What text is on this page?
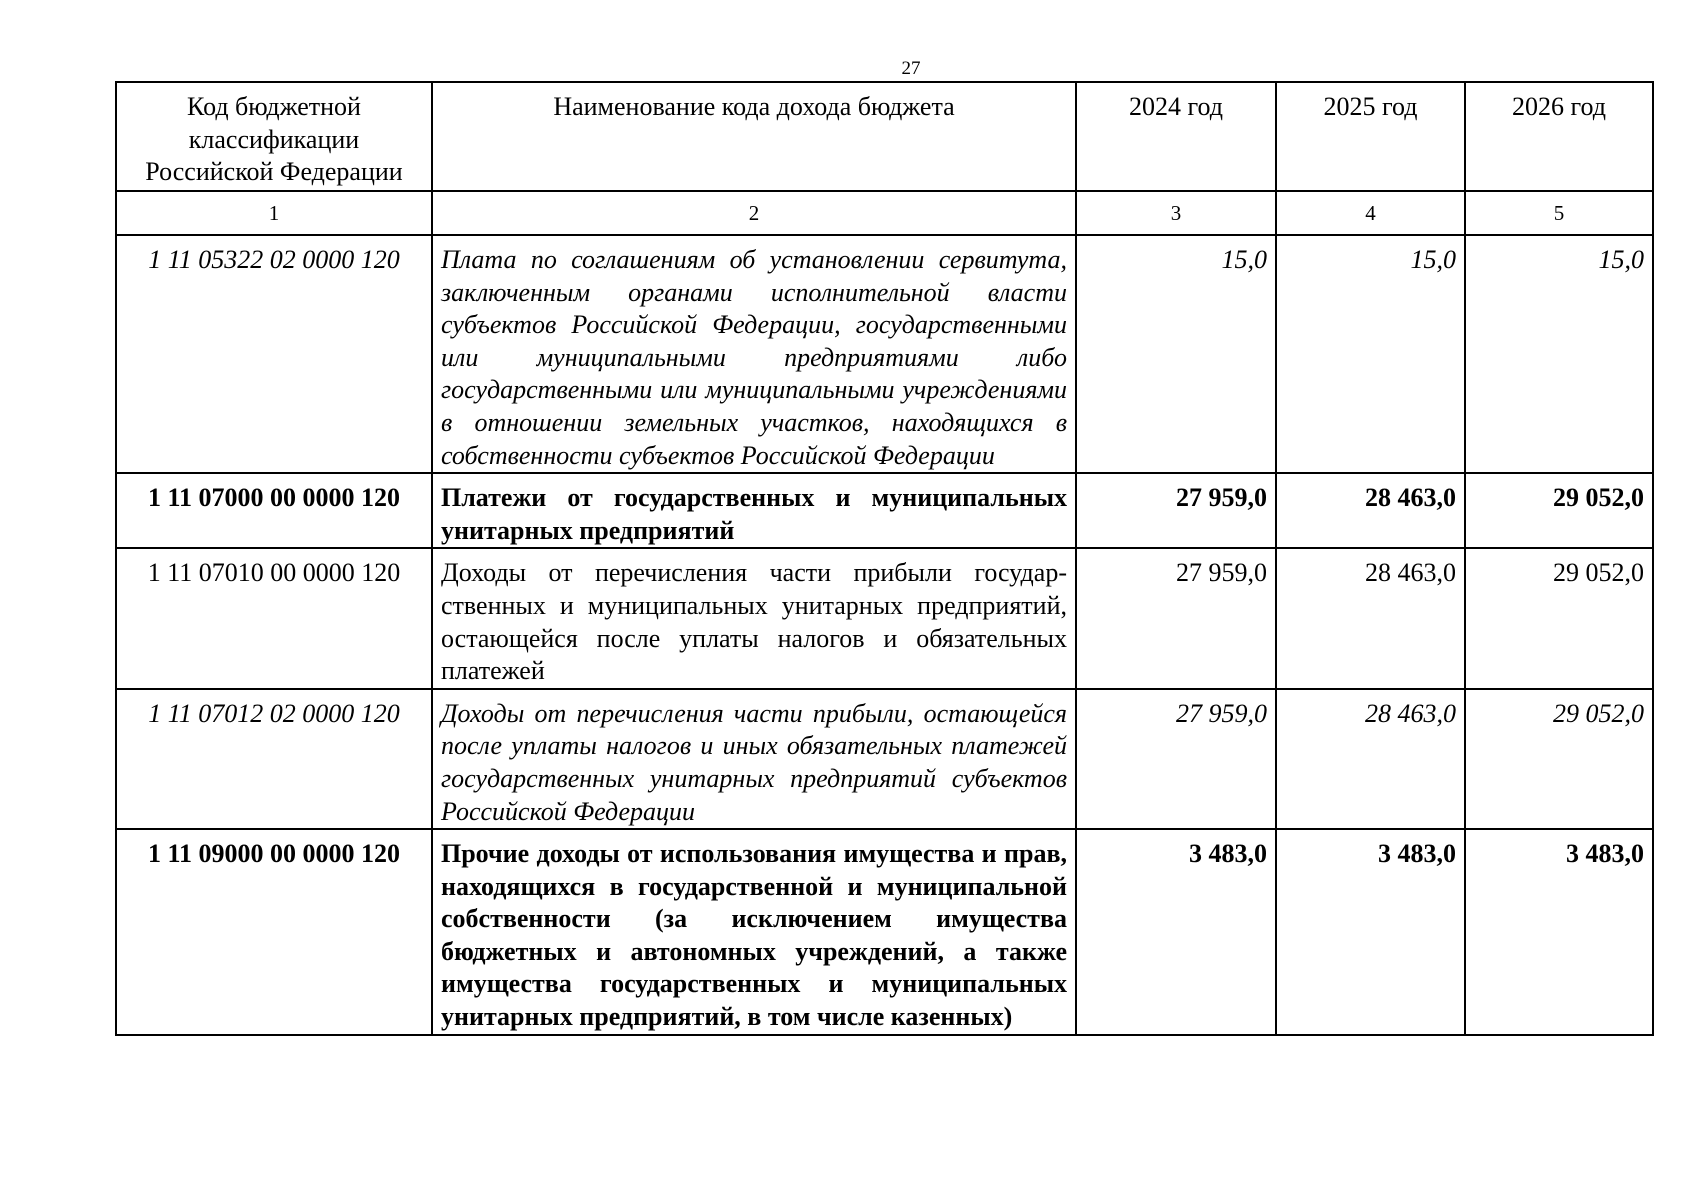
27
Код бюджетной классификации Российской Федерации	Наименование кода дохода бюджета	2024 год	2025 год	2026 год
1	2	3	4	5
1 11 05322 02 0000 120	Плата по соглашениям об установлении сервитута, заключенным органами исполнительной власти субъектов Российской Федерации, государственными или муниципальными предприятиями либо государственными или муниципальными учреждениями в отношении земельных участков, находящихся в собственности субъектов Российской Федерации	15,0	15,0	15,0
1 11 07000 00 0000 120	Платежи от государственных и муниципальных унитарных предприятий	27 959,0	28 463,0	29 052,0
1 11 07010 00 0000 120	Доходы от перечисления части прибыли государственных и муниципальных унитарных предприятий, остающейся после уплаты налогов и обязательных платежей	27 959,0	28 463,0	29 052,0
1 11 07012 02 0000 120	Доходы от перечисления части прибыли, остающейся после уплаты налогов и иных обязательных платежей государственных унитарных предприятий субъектов Российской Федерации	27 959,0	28 463,0	29 052,0
1 11 09000 00 0000 120	Прочие доходы от использования имущества и прав, находящихся в государственной и муниципальной собственности (за исключением имущества бюджетных и автономных учреждений, а также имущества государственных и муниципальных унитарных предприятий, в том числе казенных)	3 483,0	3 483,0	3 483,0
